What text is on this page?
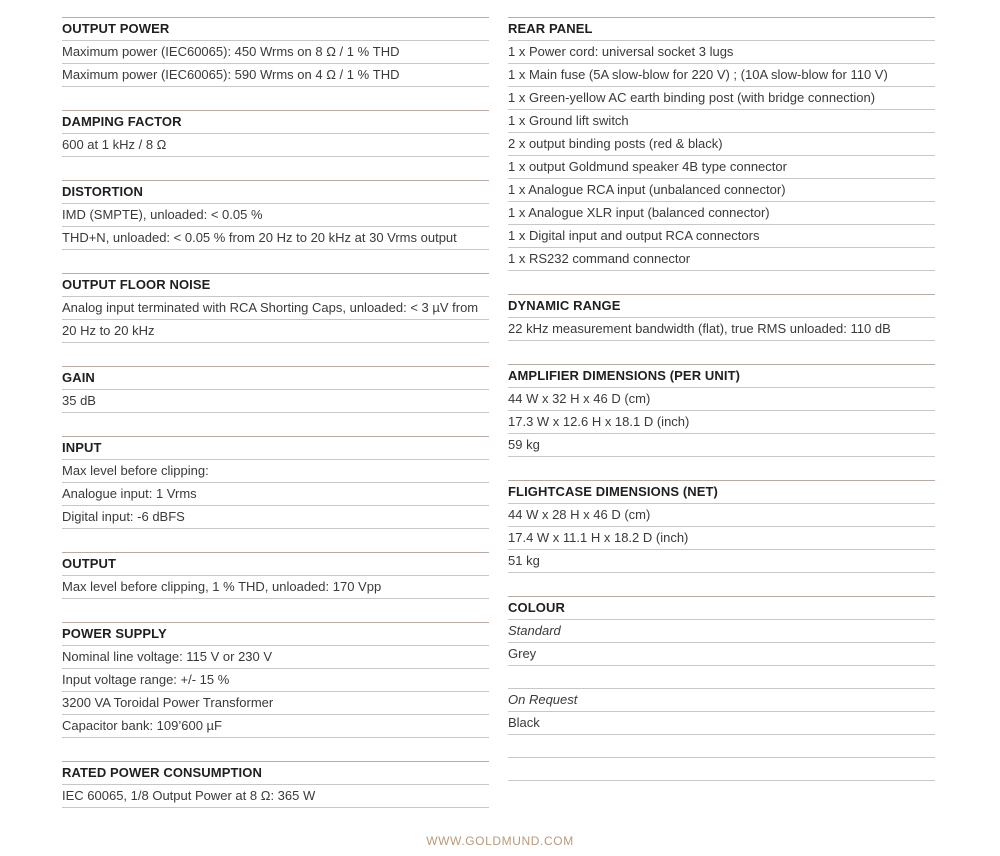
OUTPUT POWER
Maximum power (IEC60065): 450 Wrms on 8 Ω / 1 % THD
Maximum power (IEC60065): 590 Wrms on 4 Ω / 1 % THD
DAMPING FACTOR
600 at 1 kHz / 8 Ω
DISTORTION
IMD (SMPTE), unloaded: < 0.05 %
THD+N, unloaded: < 0.05 % from 20 Hz to 20 kHz at 30 Vrms output
OUTPUT FLOOR NOISE
Analog input terminated with RCA Shorting Caps, unloaded: < 3 µV from
20 Hz to 20 kHz
GAIN
35 dB
INPUT
Max level before clipping:
Analogue input: 1 Vrms
Digital input: -6 dBFS
OUTPUT
Max level before clipping, 1 % THD, unloaded: 170 Vpp
POWER SUPPLY
Nominal line voltage: 115 V or 230 V
Input voltage range: +/- 15 %
3200 VA Toroidal Power Transformer
Capacitor bank: 109’600 µF
RATED POWER CONSUMPTION
IEC 60065, 1/8 Output Power at 8 Ω: 365 W
REAR PANEL
1 x Power cord: universal socket 3 lugs
1 x Main fuse (5A slow-blow for 220 V) ; (10A slow-blow for 110 V)
1 x Green-yellow AC earth binding post (with bridge connection)
1 x Ground lift switch
2 x output binding posts (red & black)
1 x output Goldmund speaker 4B type connector
1 x Analogue RCA input (unbalanced connector)
1 x Analogue XLR input (balanced connector)
1 x Digital input and output RCA connectors
1 x RS232 command connector
DYNAMIC RANGE
22 kHz measurement bandwidth (flat), true RMS unloaded: 110 dB
AMPLIFIER DIMENSIONS (PER UNIT)
44 W x 32 H x 46 D (cm)
17.3 W x 12.6 H x 18.1 D (inch)
59 kg
FLIGHTCASE DIMENSIONS (NET)
44 W x 28 H x 46 D (cm)
17.4 W x 11.1 H x 18.2 D (inch)
51 kg
COLOUR
Standard
Grey
On Request
Black
WWW.GOLDMUND.COM
